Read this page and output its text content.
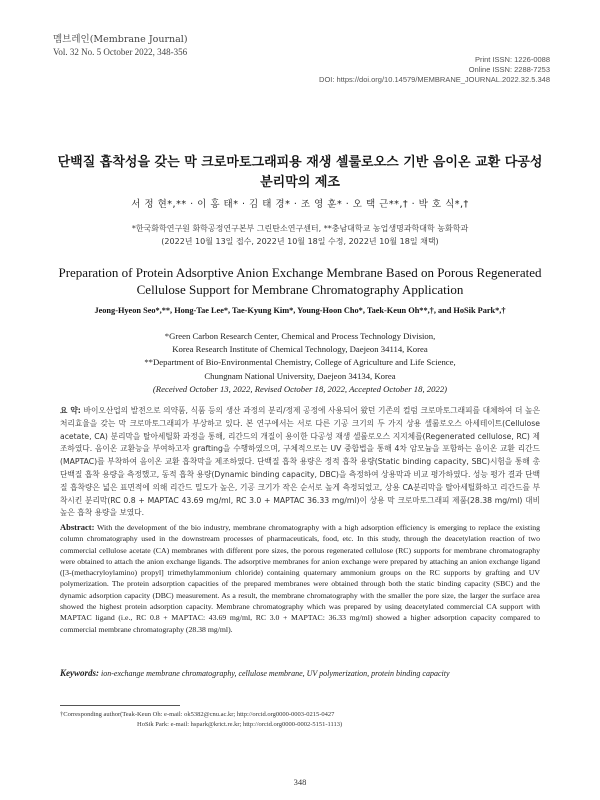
멤브레인(Membrane Journal)
Vol. 32 No. 5 October 2022, 348-356
Print ISSN: 1226-0088
Online ISSN: 2288-7253
DOI: https://doi.org/10.14579/MEMBRANE_JOURNAL.2022.32.5.348
단백질 흡착성을 갖는 막 크로마토그래피용 재생 셀룰로오스 기반 음이온 교환 다공성
분리막의 제조
서 정 현*,** · 이 홍 태* · 김 태 경* · 조 영 훈* · 오 택 근**,† · 박 호 식*,†
*한국화학연구원 화학공정연구본부 그린탄소연구센터, **충남대학교 농업생명과학대학 농화학과
(2022년 10월 13일 접수, 2022년 10월 18일 수정, 2022년 10월 18일 채택)
Preparation of Protein Adsorptive Anion Exchange Membrane Based on Porous Regenerated
Cellulose Support for Membrane Chromatography Application
Jeong-Hyeon Seo*,**, Hong-Tae Lee*, Tae-Kyung Kim*, Young-Hoon Cho*, Taek-Keun Oh**,†, and HoSik Park*,†
*Green Carbon Research Center, Chemical and Process Technology Division,
Korea Research Institute of Chemical Technology, Daejeon 34114, Korea
**Department of Bio-Environmental Chemistry, College of Agriculture and Life Science,
Chungnam National University, Daejeon 34134, Korea
(Received October 13, 2022, Revised October 18, 2022, Accepted October 18, 2022)
요 약: 바이오산업의 발전으로 의약품, 식품 등의 생산 과정의 분리/정제 공정에 사용되어 왔던 기존의 컬럼 크로마토그래피를 대체하여 더 높은 처리효율을 갖는 막 크로마토그래피가 부상하고 있다. 본 연구에서는 서로 다른 기공 크기의 두 가지 상용 셀룰로오스 아세테이트(Cellulose acetate, CA) 분리막을 탈아세틸화 과정을 통해, 리간드의 개질이 용이한 다공성 재생 셀룰로오스 지지체를(Regenerated cellulose, RC) 제조하였다. 음이온 교환능을 부여하고자 grafting을 수행하였으며, 구체적으로는 UV 중합법을 통해 4차 암모늄을 포함하는 음이온 교환 리간드(MAPTAC)를 부착하여 음이온 교환 흡착막을 제조하였다. 단백질 흡착 용량은 정적 흡착 용량(Static binding capacity, SBC)시험을 통해 총 단백질 흡착 용량을 측정했고, 동적 흡착 용량(Dynamic binding capacity, DBC)을 측정하여 상용막과 비교 평가하였다. 성능 평가 결과 단백질 흡착량은 넓은 표면적에 의해 리간드 밀도가 높은, 기공 크기가 작은 순서로 높게 측정되었고, 상용 CA분리막을 탈아세틸화하고 리간드를 부착시킨 분리막(RC 0.8 + MAPTAC 43.69 mg/ml, RC 3.0 + MAPTAC 36.33 mg/ml)이 상용 막 크로마토그래피 제품(28.38 mg/ml) 대비 높은 흡착 용량을 보였다.
Abstract: With the development of the bio industry, membrane chromatography with a high adsorption efficiency is emerging to replace the existing column chromatography used in the downstream processes of pharmaceuticals, food, etc. In this study, through the deacetylation reaction of two commercial cellulose acetate (CA) membranes with different pore sizes, the porous regenerated cellulose (RC) supports for membrane chromatography were obtained to attach the anion exchange ligands. The adsorptive membranes for anion exchange were prepared by attaching an anion exchange ligand ([3-(methacryloylamino) propyl] trimethylammonium chloride) containing quaternary ammonium groups on the RC supports by grafting and UV polymerization. The protein adsorption capacities of the prepared membranes were obtained through both the static binding capacity (SBC) and the dynamic adsorption capacity (DBC) measurement. As a result, the membrane chromatography with the smaller the pore size, the larger the surface area showed the highest protein adsorption capacity. Membrane chromatography which was prepared by using deacetylated commercial CA support with MAPTAC ligand (i.e., RC 0.8 + MAPTAC: 43.69 mg/ml, RC 3.0 + MAPTAC: 36.33 mg/ml) showed a higher adsorption capacity compared to commercial membrane chromatography (28.38 mg/ml).
Keywords: ion-exchange membrane chromatography, cellulose membrane, UV polymerization, protein binding capacity
†Corresponding author(Teak-Keun Oh: e-mail: ok5382@cnu.ac.kr; http://orcid.org0000-0003-0215-0427
HoSik Park: e-mail: hspark@krict.re.kr; http://orcid.org0000-0002-5151-1113)
348
